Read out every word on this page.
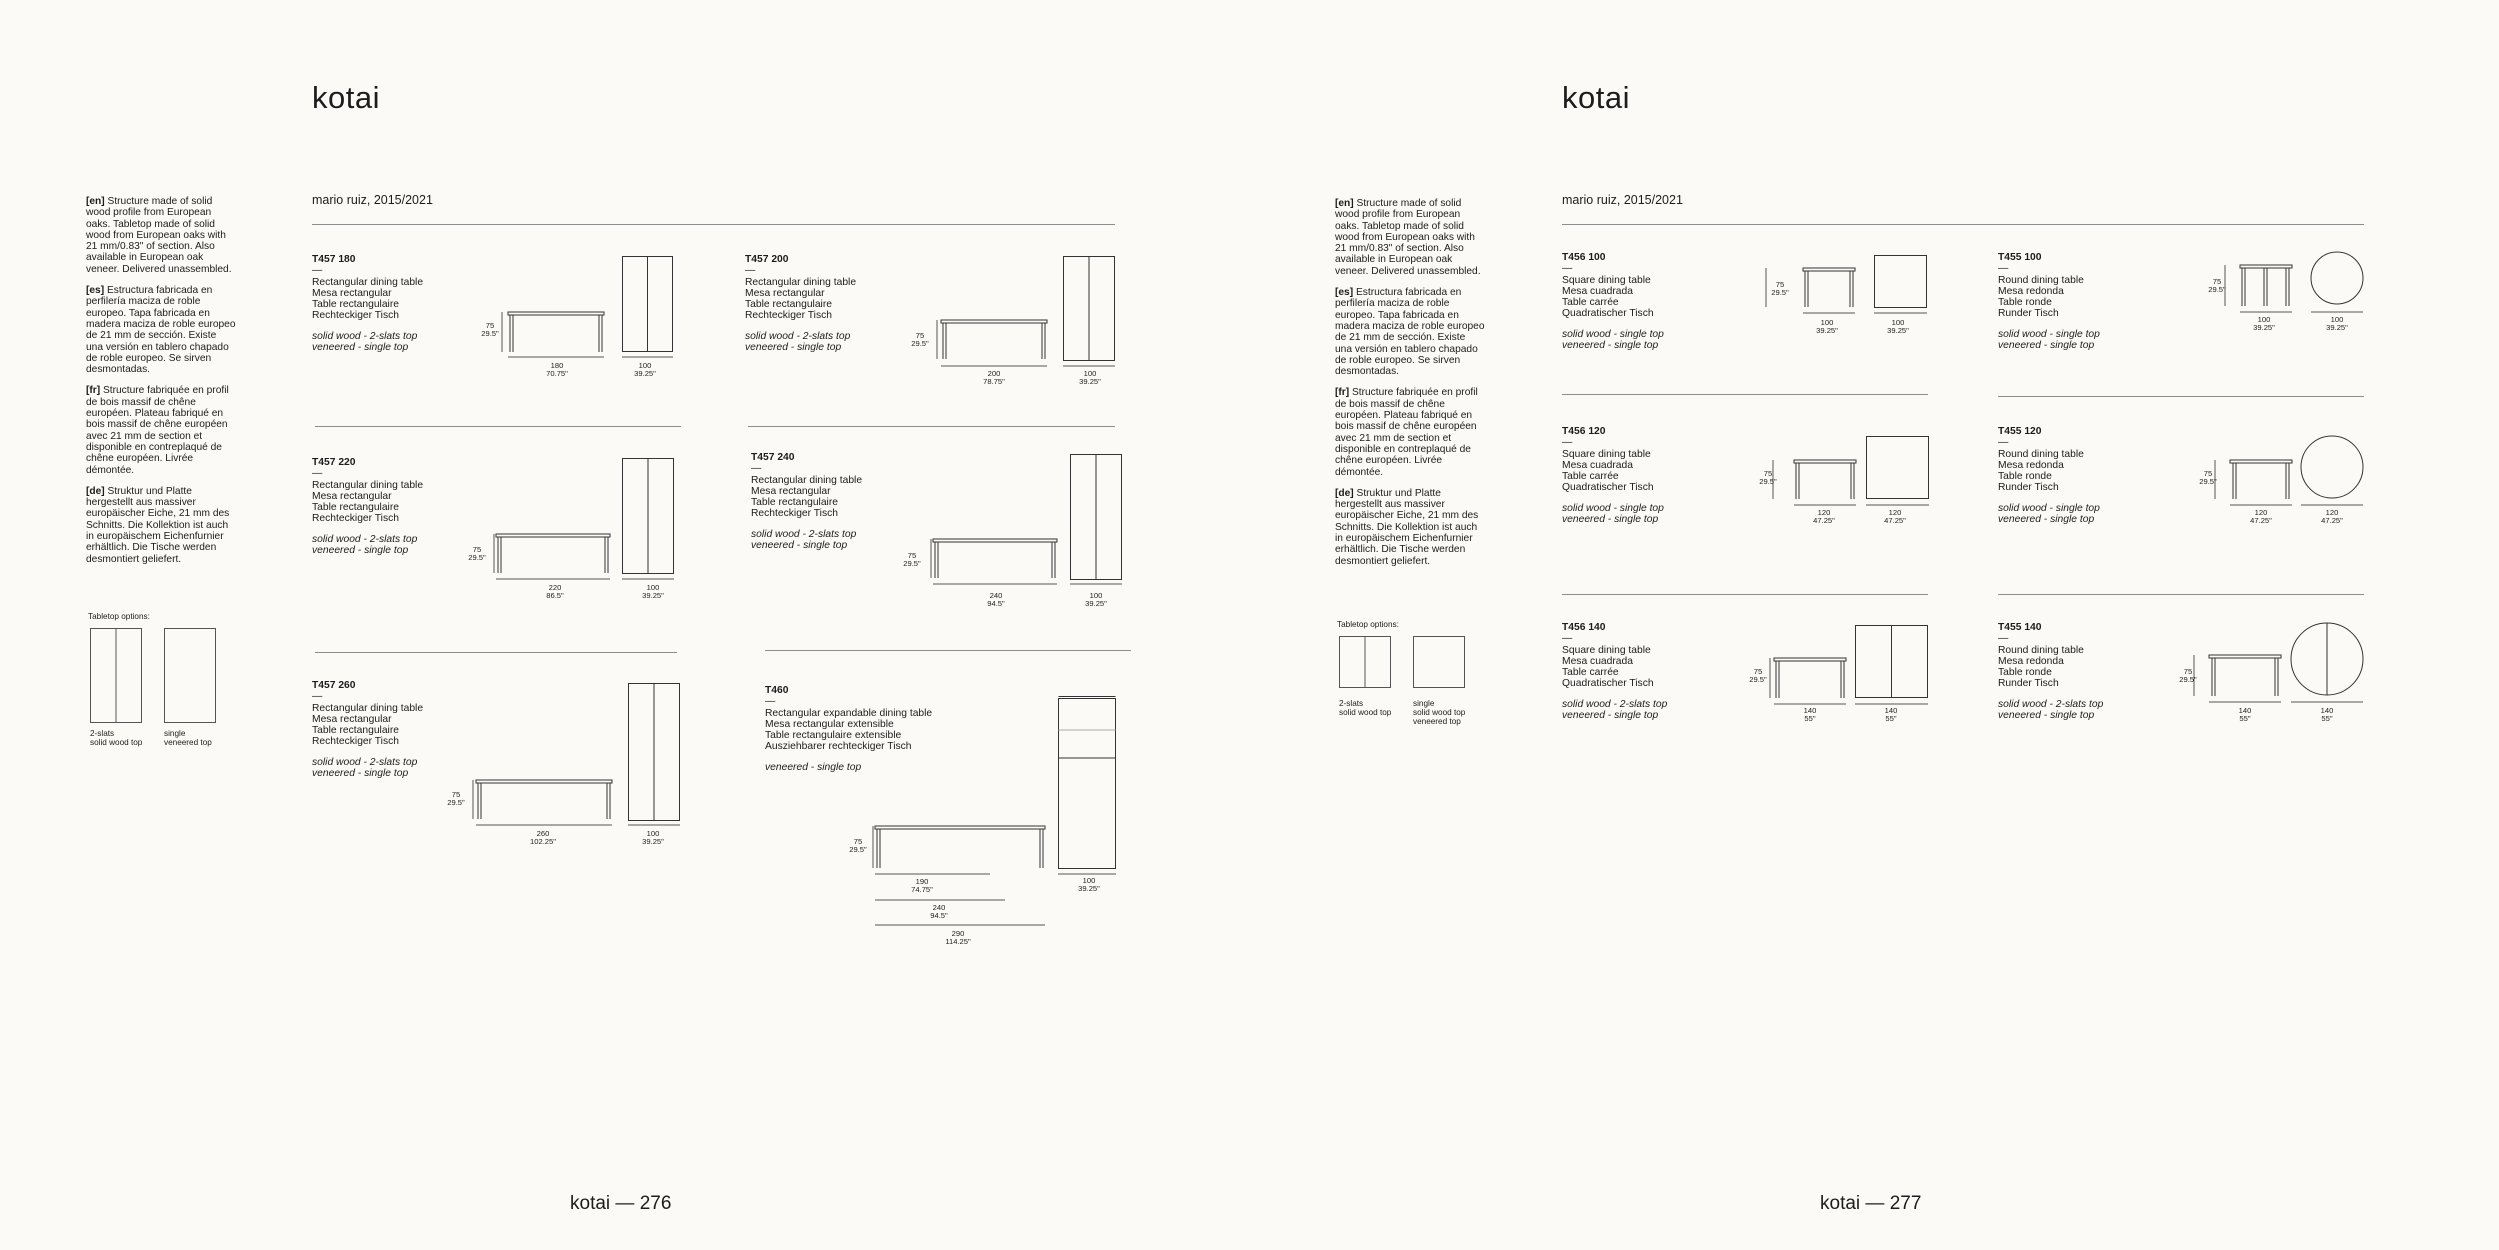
kotai
mario ruiz, 2015/2021

[en] Structure made of solid wood profile from European oaks. Tabletop made of solid wood from European oaks with 21 mm/0.83" of section. Also available in European oak veneer. Delivered unassembled.

[es] Estructura fabricada en perfilería maciza de roble europeo. Tapa fabricada en madera maciza de roble europeo de 21 mm de sección. Existe una versión en tablero chapado de roble europeo. Se sirven desmontadas.

[fr] Structure fabriquée en profil de bois massif de chêne européen. Plateau fabriqué en bois massif de chêne européen avec 21 mm de section et disponible en contreplaqué de chêne européen. Livrée démontée.

[de] Struktur und Platte hergestellt aus massiver europäischer Eiche, 21 mm des Schnitts. Die Kollektion ist auch in europäischem Eichenfurnier erhältlich. Die Tische werden desmontiert geliefert.

Tabletop options:
2-slats
solid wood top
single
veneered top
T457 180
—
Rectangular dining table
Mesa rectangular
Table rectangulaire
Rechteckiger Tisch
solid wood - 2-slats top
veneered - single top
75
29.5"
180
70.75"
100
39.25"
T457 200
—
Rectangular dining table
Mesa rectangular
Table rectangulaire
Rechteckiger Tisch
solid wood - 2-slats top
veneered - single top
75
29.5"
200
78.75"
100
39.25"
T457 220
—
Rectangular dining table
Mesa rectangular
Table rectangulaire
Rechteckiger Tisch
solid wood - 2-slats top
veneered - single top	75
29.5"
220
86.5"
100
39.25"
T457 240
—
Rectangular dining table
Mesa rectangular
Table rectangulaire
Rechteckiger Tisch
solid wood - 2-slats top
veneered - single top
75
29.5"
240
94.5"
100
39.25"
T457 260
—
Rectangular dining table
Mesa rectangular
Table rectangulaire
Rechteckiger Tisch
solid wood - 2-slats top
veneered - single top
75
29.5"
260
102.25"
100
39.25"
T460
—
Rectangular expandable dining table
Mesa rectangular extensible
Table rectangulaire extensible
Ausziehbarer rechteckiger Tisch
veneered - single top
75
29.5"
190
74.75"
240
94.5"
290
114.25"
100
39.25"
kotai — 276
kotai
mario ruiz, 2015/2021

[en] Structure made of solid wood profile from European oaks. Tabletop made of solid wood from European oaks with 21 mm/0.83" of section. Also available in European oak veneer. Delivered unassembled.

[es] Estructura fabricada en perfilería maciza de roble europeo. Tapa fabricada en madera maciza de roble europeo de 21 mm de sección. Existe una versión en tablero chapado de roble europeo. Se sirven desmontadas.

[fr] Structure fabriquée en profil de bois massif de chêne européen. Plateau fabriqué en bois massif de chêne européen avec 21 mm de section et disponible en contreplaqué de chêne européen. Livrée démontée.

[de] Struktur und Platte hergestellt aus massiver europäischer Eiche, 21 mm des Schnitts. Die Kollektion ist auch in europäischem Eichenfurnier erhältlich. Die Tische werden desmontiert geliefert.

Tabletop options:
2-slats
solid wood top
single
solid wood top
veneered top
T456 100
—
Square dining table
Mesa cuadrada
Table carrée
Quadratischer Tisch
solid wood - single top
veneered - single top
75
29.5"
100
39.25"
100
39.25"
T455 100
—
Round dining table
Mesa redonda
Table ronde
Runder Tisch
solid wood - single top
veneered - single top
75
29.5"
100
39.25"
100
39.25"
T456 120
—
Square dining table
Mesa cuadrada
Table carrée
Quadratischer Tisch
solid wood - single top
veneered - single top
75
29.5"
120
47.25"
120
47.25"
T455 120
—
Round dining table
Mesa redonda
Table ronde
Runder Tisch
solid wood - single top
veneered - single top
75
29.5"
120
47.25"
120
47.25"
T456 140
—
Square dining table
Mesa cuadrada
Table carrée
Quadratischer Tisch
solid wood - 2-slats top
veneered - single top
75
29.5"
140
55"
140
55"
T455 140
—
Round dining table
Mesa redonda
Table ronde
Runder Tisch
solid wood - 2-slats top
veneered - single top
75
29.5"
140
55"
140
55"
kotai — 277
